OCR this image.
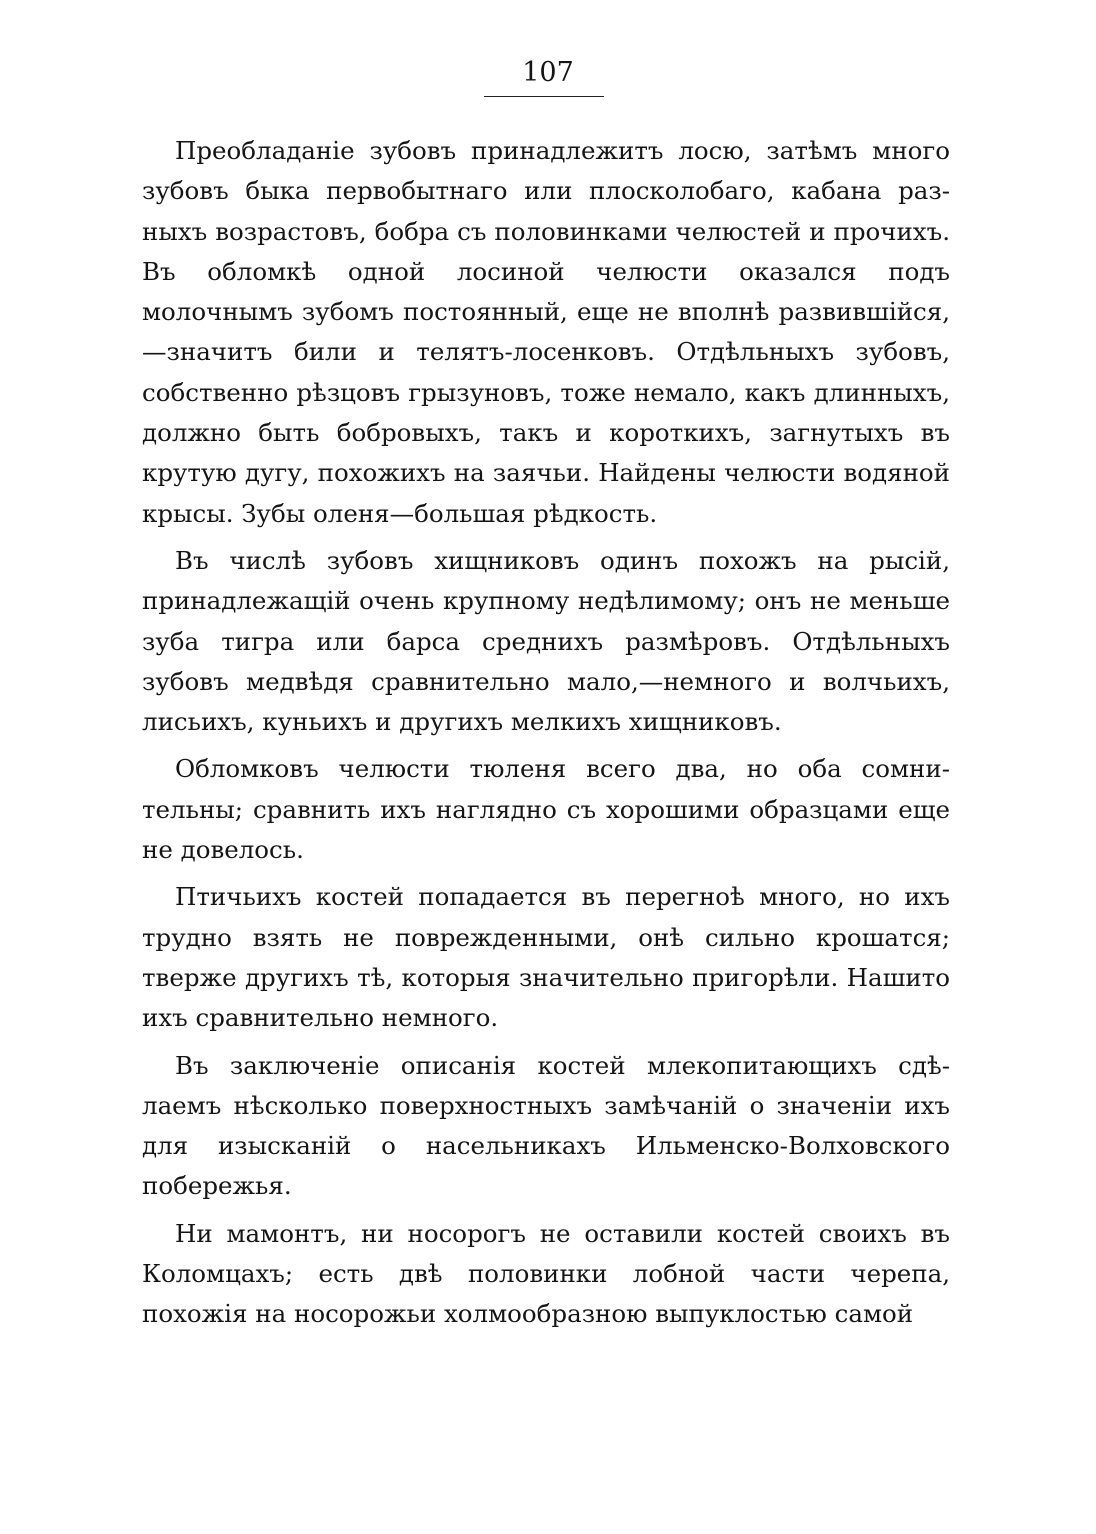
107

Преобладанiе зубовъ принадлежитъ лосю, затѣмъ много зубовъ быка первобытнаго или плосколобаго, кабана разныхъ возрастовъ, бобра съ половинками челюстей и прочихъ. Въ обломкѣ одной лосиной челюсти оказался подъ молочнымъ зубомъ постоянный, еще не вполнѣ развившiйся,—значитъ били и телятъ-лосенковъ. Отдѣльныхъ зубовъ, собственно рѣзцовъ грызуновъ, тоже немало, какъ длинныхъ, должно быть бобровыхъ, такъ и короткихъ, загнутыхъ въ крутую дугу, похожихъ на заячьи. Найдены челюсти водяной крысы. Зубы оленя—большая рѣдкость.

Въ числѣ зубовъ хищниковъ одинъ похожъ на рысiй, принадлежащiй очень крупному недѣлимому; онъ не меньше зуба тигра или барса среднихъ размѣровъ. Отдѣльныхъ зубовъ медвѣдя сравнительно мало,—немного и волчьихъ, лисьихъ, куньихъ и другихъ мелкихъ хищниковъ.

Обломковъ челюсти тюленя всего два, но оба сомнительны; сравнить ихъ наглядно съ хорошими образцами еще не довелось.

Птичьихъ костей попадается въ перегноѣ много, но ихъ трудно взять не поврежденными, онѣ сильно крошатся; тверже другихъ тѣ, которыя значительно пригорѣли. Нашито ихъ сравнительно немного.

Въ заключенiе описанiя костей млекопитающихъ сдѣлаемъ нѣсколько поверхностныхъ замѣчанiй о значенiи ихъ для изысканiй о насельникахъ Ильменско-Волховского побережья.

Ни мамонтъ, ни носорогъ не оставили костей своихъ въ Коломцахъ; есть двѣ половинки лобной части черепа, похожiя на носорожьи холмообразною выпуклостью самой
